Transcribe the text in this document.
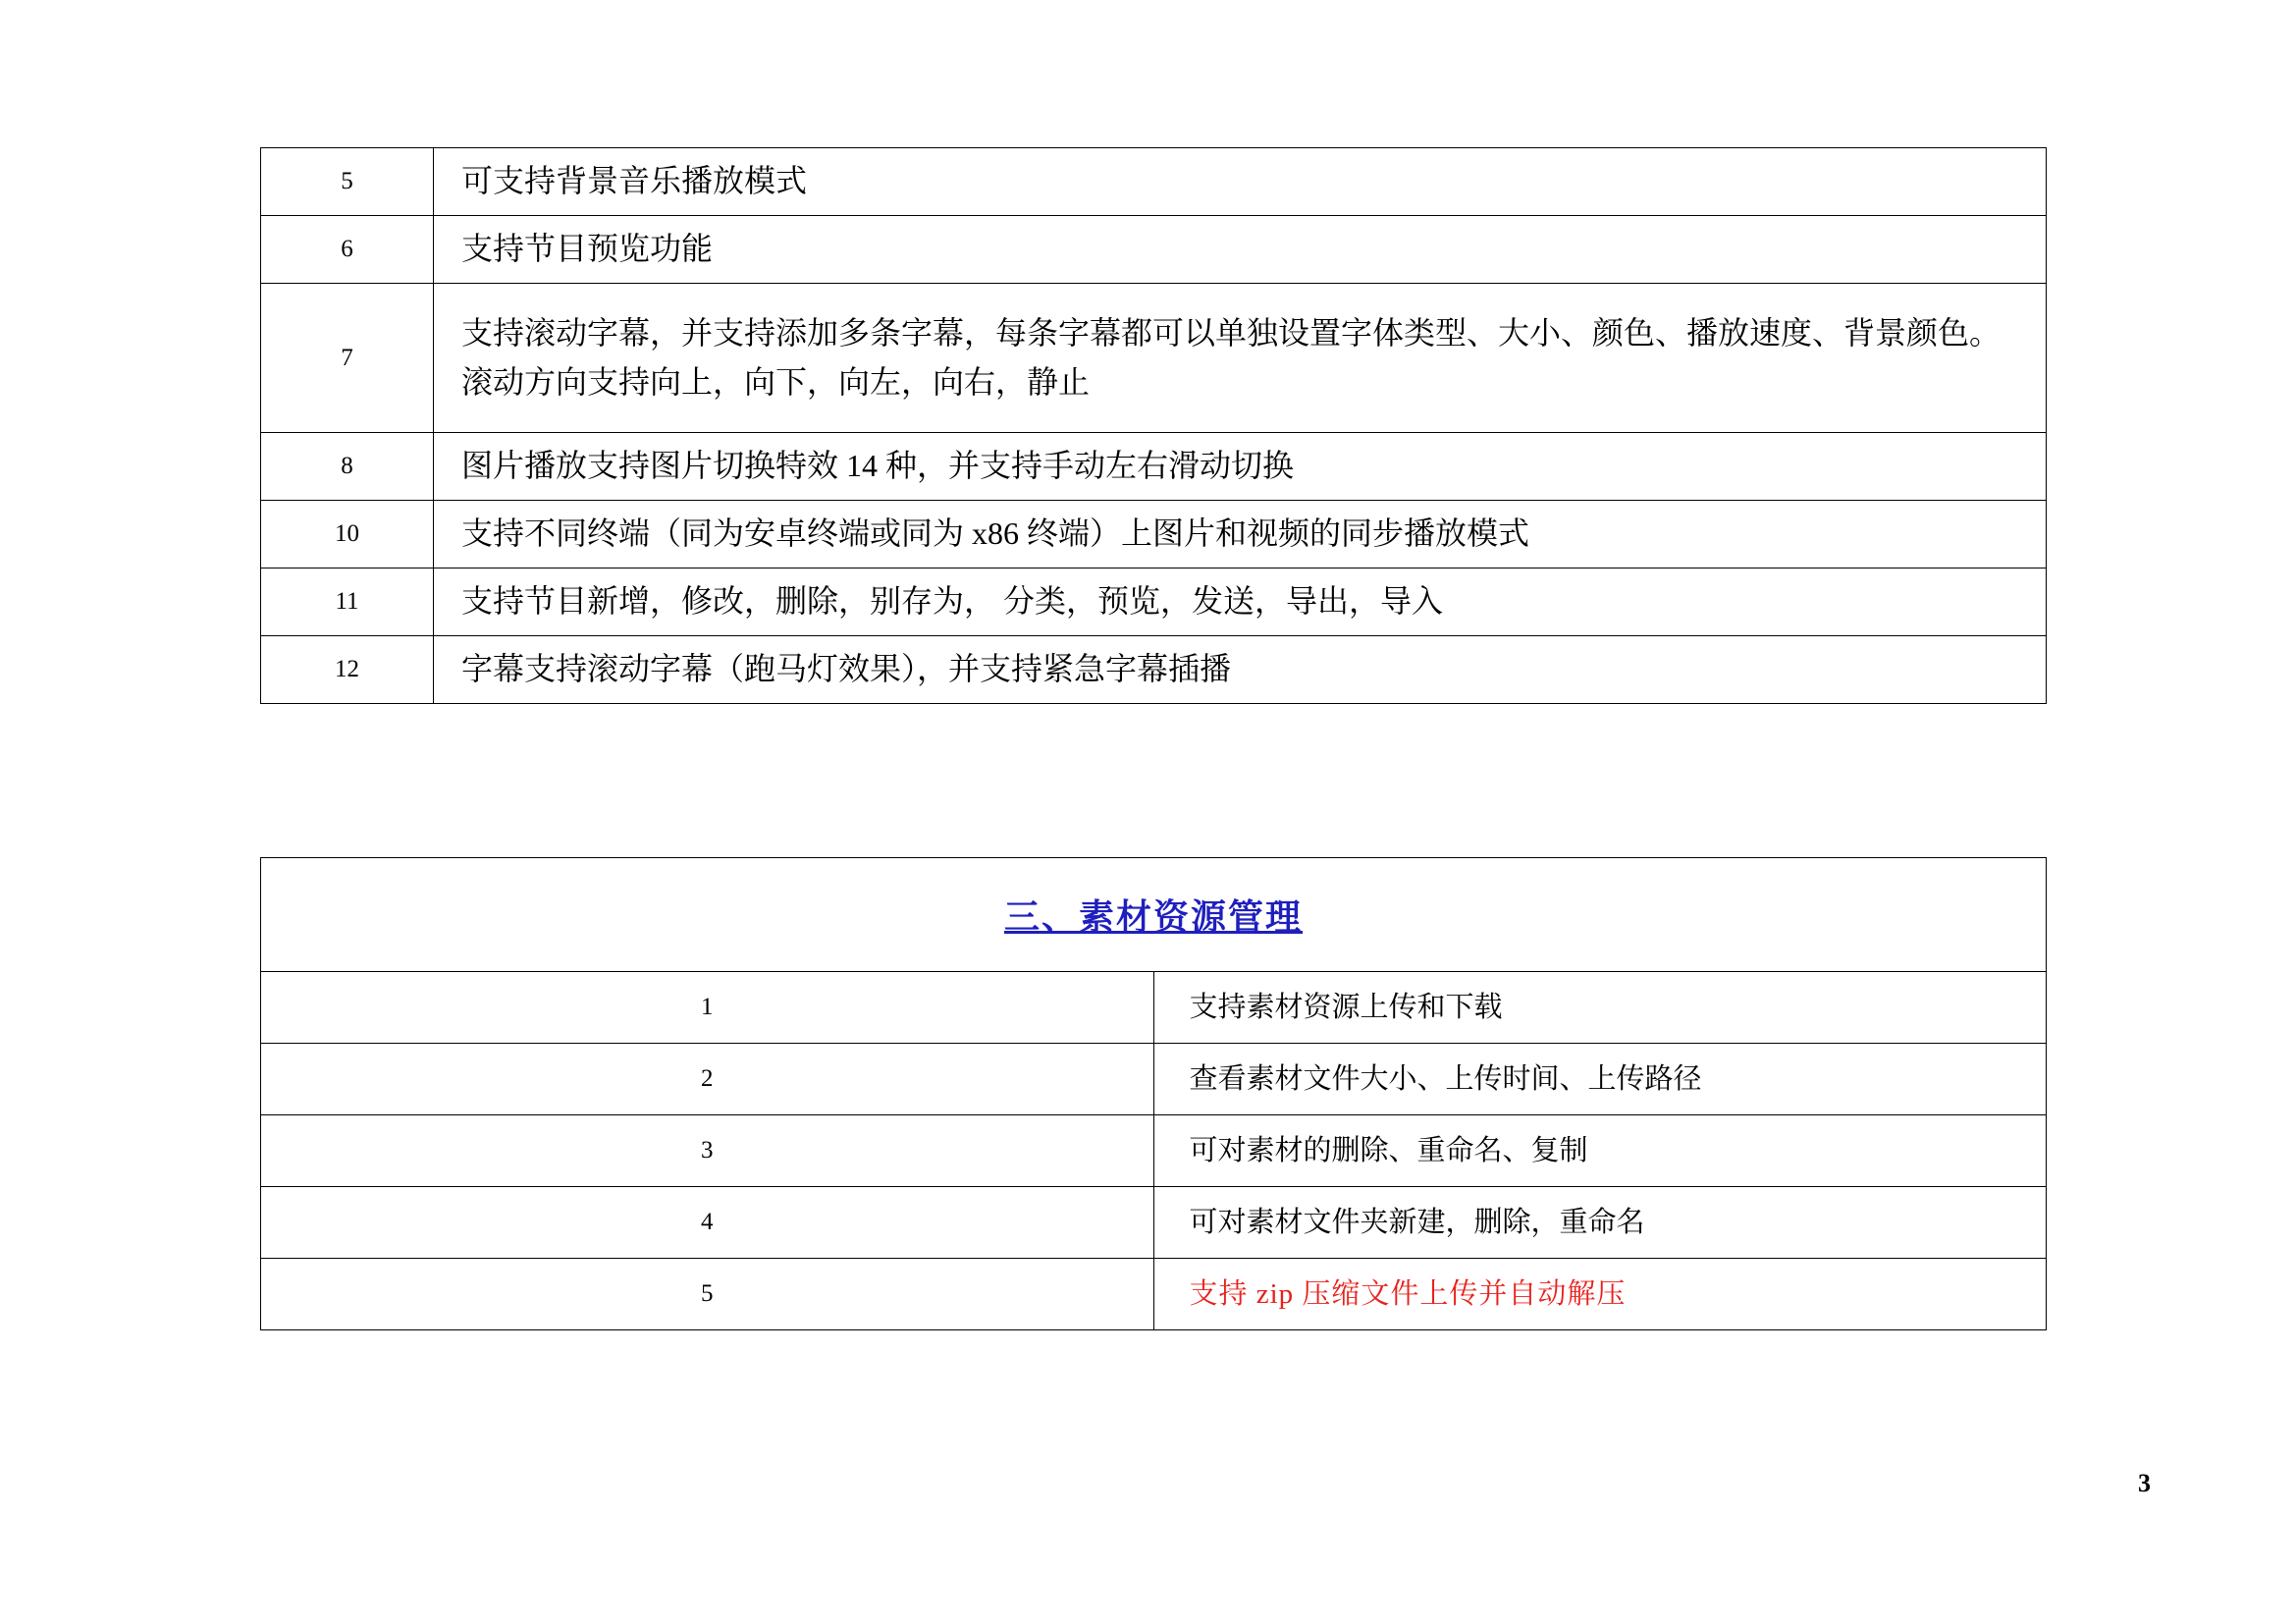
5	可支持背景音乐播放模式
6	支持节目预览功能
7	支持滚动字幕，并支持添加多条字幕，每条字幕都可以单独设置字体类型、大小、颜色、播放速度、背景颜色。滚动方向支持向上，向下，向左，向右，静止
8	图片播放支持图片切换特效 14 种，并支持手动左右滑动切换
10	支持不同终端（同为安卓终端或同为 x86 终端）上图片和视频的同步播放模式
11	支持节目新增，修改，删除，别存为， 分类，预览，发送，导出，导入
12	字幕支持滚动字幕（跑马灯效果），并支持紧急字幕插播
三、素材资源管理	
1	支持素材资源上传和下载
2	查看素材文件大小、上传时间、上传路径
3	可对素材的删除、重命名、复制
4	可对素材文件夹新建，删除，重命名
5	支持 zip 压缩文件上传并自动解压
3
